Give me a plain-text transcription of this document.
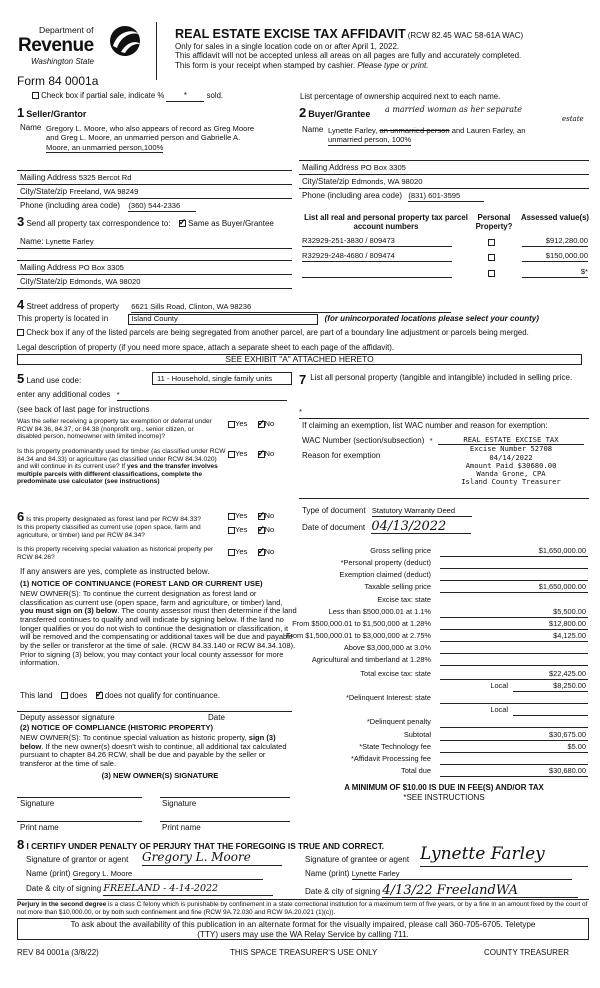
Department of
Revenue
Washington State
Form 84 0001a
REAL ESTATE EXCISE TAX AFFIDAVIT (RCW 82.45 WAC 58-61A WAC)
Only for sales in a single location code on or after April 1, 2022.
This affidavit will not be accepted unless all areas on all pages are fully and accurately completed.
This form is your receipt when stamped by cashier. Please type or print.
Check box if partial sale, indicate %	*	sold.	List percentage of ownership acquired next to each name.
1 Seller/Grantor
Name Gregory L. Moore, who also appears of record as Greg Moore
and Greg L. Moore, an unmarried person and Gabrielle A.
Moore, an unmarried person,100%
Mailing Address 5325 Bercot Rd
City/State/zip Freeland, WA 98249
Phone (including area code) (360) 544-2336
2 Buyer/Grantee a married woman as her separate
estate
Name Lynette Farley, an unmarried person and Lauren Farley, an
unmarried person, 100%
Mailing Address PO Box 3305
City/State/zip Edmonds, WA 98020
Phone (including area code) (831) 601-3595
3 Send all property tax correspondence to: ✓ Same as Buyer/Grantee
Name: Lynette Farley
Mailing Address PO Box 3305
City/State/zip Edmonds, WA 98020
List all real and personal property tax parcel account numbers
Personal Property?
Assessed value(s)
R32929-251-3830 / 809473	$912,280.00
R32929-248-4680 / 809474	$150,000.00
$*
4 Street address of property 6621 Sills Road, Clinton, WA 98236
This property is located in	Island County	(for unincorporated locations please select your county)
Check box if any of the listed parcels are being segregated from another parcel, are part of a boundary line adjustment or parcels being merged.
Legal description of property (if you need more space, attach a separate sheet to each page of the affidavit).
SEE EXHIBIT "A" ATTACHED HERETO
5 Land use code:	11 - Household, single family units
enter any additional codes *
(see back of last page for instructions
Was the seller receiving a property tax exemption or deferral under RCW 84.36, 84.37, or 84.38 (nonprofit org., senior citizen, or disabled person, homeowner with limited income)?
Yes ✓ No
Is this property predominantly used for timber (as classified under RCW 84.34 and 84.33) or agriculture (as classified under RCW 84.34.020) and will continue in its current use? If yes and the transfer involves multiple parcels with different classifications, complete the predominate use calculator (see instructions)
Yes ✓ No
6 Is this property designated as forest land per RCW 84.33?	Yes ✓ No
Is this property classified as current use (open space, farm and agriculture, or timber) land per RCW 84.34?
Yes ✓ No
Is this property receiving special valuation as historical property per RCW 84.26?
Yes ✓ No
If any answers are yes, complete as instructed below.
(1) NOTICE OF CONTINUANCE (FOREST LAND OR CURRENT USE)
NEW OWNER(S): To continue the current designation as forest land or classification as current use (open space, farm and agriculture, or timber) land, you must sign on (3) below. The county assessor must then determine if the land transferred continues to qualify and will indicate by signing below. If the land no longer qualifies or you do not wish to continue the designation or classification, it will be removed and the compensating or additional taxes will be due and payable by the seller or transferor at the time of sale. (RCW 84.33.140 or RCW 84.34.108). Prior to signing (3) below, you may contact your local county assessor for more information.
This land does ✓ does not qualify for continuance.
Deputy assessor signature	Date
(2) NOTICE OF COMPLIANCE (HISTORIC PROPERTY)
NEW OWNER(S): To continue special valuation as historic property, sign (3) below. If the new owner(s) doesn't wish to continue, all additional tax calculated pursuant to chapter 84.26 RCW, shall be due and payable by the seller or transferor at the time of sale.
(3) NEW OWNER(S) SIGNATURE
Signature	Signature
Print name	Print name
7 List all personal property (tangible and intangible) included in selling price.
*
If claiming an exemption, list WAC number and reason for exemption:
WAC Number (section/subsection) *
Reason for exemption
REAL ESTATE EXCISE TAX
Excise Number 52708
04/14/2022
Amount Paid $30680.00
Wanda Grone, CPA
Island County Treasurer
Type of document Statutory Warranty Deed
Date of document 04/13/2022
Gross selling price	$1,650,000.00
*Personal property (deduct)
Exemption claimed (deduct)
Taxable selling price	$1,650,000.00
Excise tax: state
Less than $500,000.01 at 1.1%	$5,500.00
From $500,000.01 to $1,500,000 at 1.28%	$12,800.00
From $1,500,000.01 to $3,000,000 at 2.75%	$4,125.00
Above $3,000,000 at 3.0%
Agricultural and timberland at 1.28%
Total excise tax: state	$22,425.00
Local	$8,250.00
*Delinquent Interest: state
Local
*Delinquent penalty
Subtotal	$30,675.00
*State Technology fee	$5.00
*Affidavit Processing fee
Total due	$30,680.00
A MINIMUM OF $10.00 IS DUE IN FEE(S) AND/OR TAX
*SEE INSTRUCTIONS
8 I CERTIFY UNDER PENALTY OF PERJURY THAT THE FOREGOING IS TRUE AND CORRECT.
Signature of grantor or agent Gregory L. Moore
Name (print) Gregory L. Moore
Date & city of signing FREELAND - 4-14-2022
Signature of grantee or agent Lynette Farley
Name (print) Lynette Farley
Date & city of signing 4/13/22 FreelandWA
Perjury in the second degree is a class C felony which is punishable by confinement in a state correctional institution for a maximum term of five years, or by a fine in an amount fixed by the court of not more than $10,000.00, or by both such confinement and fine (RCW 9A.72.030 and RCW 9A.20.021 (1)(c)).
To ask about the availability of this publication in an alternate format for the visually impaired, please call 360-705-6705. Teletype
(TTY) users may use the WA Relay Service by calling 711.
REV 84 0001a (3/8/22)	THIS SPACE TREASURER'S USE ONLY	COUNTY TREASURER
